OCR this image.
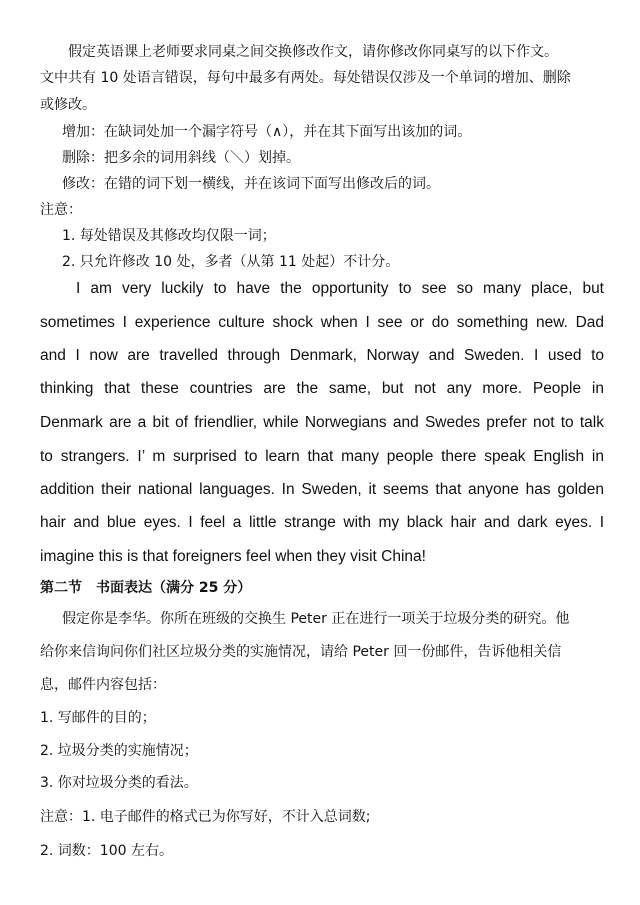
假定英语课上老师要求同桌之间交换修改作文，请你修改你同桌写的以下作文。
文中共有 10 处语言错误，每句中最多有两处。每处错误仅涉及一个单词的增加、删除
或修改。
增加：在缺词处加一个漏字符号（∧），并在其下面写出该加的词。
删除：把多余的词用斜线（＼）划掉。
修改：在错的词下划一横线，并在该词下面写出修改后的词。
注意：
1. 每处错误及其修改均仅限一词；
2. 只允许修改 10 处，多者（从第 11 处起）不计分。
I am very luckily to have the opportunity to see so many place, but
sometimes I experience culture shock when I see or do something new. Dad
and I now are travelled through Denmark, Norway and Sweden. I used to
thinking that these countries are the same, but not any more. People in
Denmark are a bit of friendlier, while Norwegians and Swedes prefer not to talk
to strangers. I’ m surprised to learn that many people there speak English in
addition their national languages. In Sweden, it seems that anyone has golden
hair and blue eyes. I feel a little strange with my black hair and dark eyes. I
imagine this is that foreigners feel when they visit China!
第二节　书面表达（满分 25 分）
假定你是李华。你所在班级的交换生 Peter 正在进行一项关于垃圾分类的研究。他
给你来信询问你们社区垃圾分类的实施情况，请给 Peter 回一份邮件，告诉他相关信
息，邮件内容包括：
1. 写邮件的目的；
2. 垃圾分类的实施情况；
3. 你对垃圾分类的看法。
注意：1. 电子邮件的格式已为你写好，不计入总词数;
2. 词数：100 左右。
